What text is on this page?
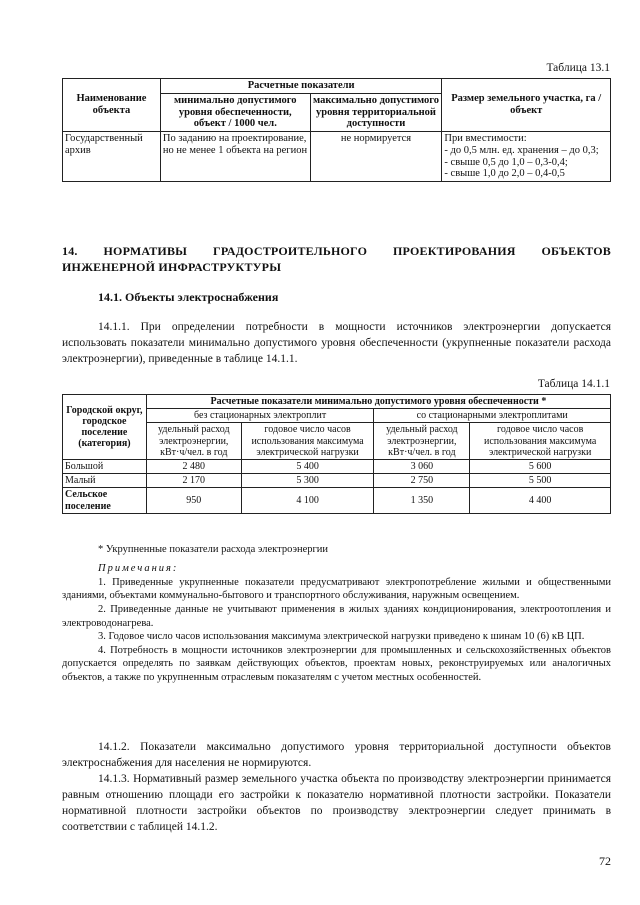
Таблица 13.1
Наименование объекта	Расчетные показатели		Размер земельного участка, га / объект
	минимально допустимого уровня обеспеченности, объект / 1000 чел.	максимально допустимого уровня территориальной доступности	
Государственный архив	По заданию на проектирование, но не менее 1 объекта на регион	не нормируется	При вместимости:
- до 0,5 млн. ед. хранения – до 0,3;
- свыше 0,5 до 1,0 – 0,3-0,4;
- свыше 1,0 до 2,0 – 0,4-0,5
14. НОРМАТИВЫ ГРАДОСТРОИТЕЛЬНОГО ПРОЕКТИРОВАНИЯ ОБЪЕКТОВ ИНЖЕНЕРНОЙ ИНФРАСТРУКТУРЫ
14.1. Объекты электроснабжения
14.1.1. При определении потребности в мощности источников электроэнергии допускается использовать показатели минимально допустимого уровня обеспеченности (укрупненные показатели расхода электроэнергии), приведенные в таблице 14.1.1.
Таблица 14.1.1
Городской округ, городское поселение (категория)	Расчетные показатели минимально допустимого уровня обеспеченности *			
	без стационарных электроплит		со стационарными электроплитами	
	удельный расход электроэнергии, кВт·ч/чел. в год	годовое число часов использования максимума электрической нагрузки	удельный расход электроэнергии, кВт·ч/чел. в год	годовое число часов использования максимума электрической нагрузки
Большой	2 480	5 400	3 060	5 600
Малый	2 170	5 300	2 750	5 500
Сельское поселение	950	4 100	1 350	4 400
* Укрупненные показатели расхода электроэнергии

Примечания:

1. Приведенные укрупненные показатели предусматривают электропотребление жилыми и общественными зданиями, объектами коммунально-бытового и транспортного обслуживания, наружным освещением.

2. Приведенные данные не учитывают применения в жилых зданиях кондиционирования, электроотопления и электроводонагрева.

3. Годовое число часов использования максимума электрической нагрузки приведено к шинам 10 (6) кВ ЦП.

4. Потребность в мощности источников электроэнергии для промышленных и сельскохозяйственных объектов допускается определять по заявкам действующих объектов, проектам новых, реконструируемых или аналогичных объектов, а также по укрупненным отраслевым показателям с учетом местных особенностей.

14.1.2. Показатели максимально допустимого уровня территориальной доступности объектов электроснабжения для населения не нормируются.
14.1.3. Нормативный размер земельного участка объекта по производству электроэнергии принимается равным отношению площади его застройки к показателю нормативной плотности застройки. Показатели нормативной плотности застройки объектов по производству электроэнергии следует принимать в соответствии с таблицей 14.1.2.
72
